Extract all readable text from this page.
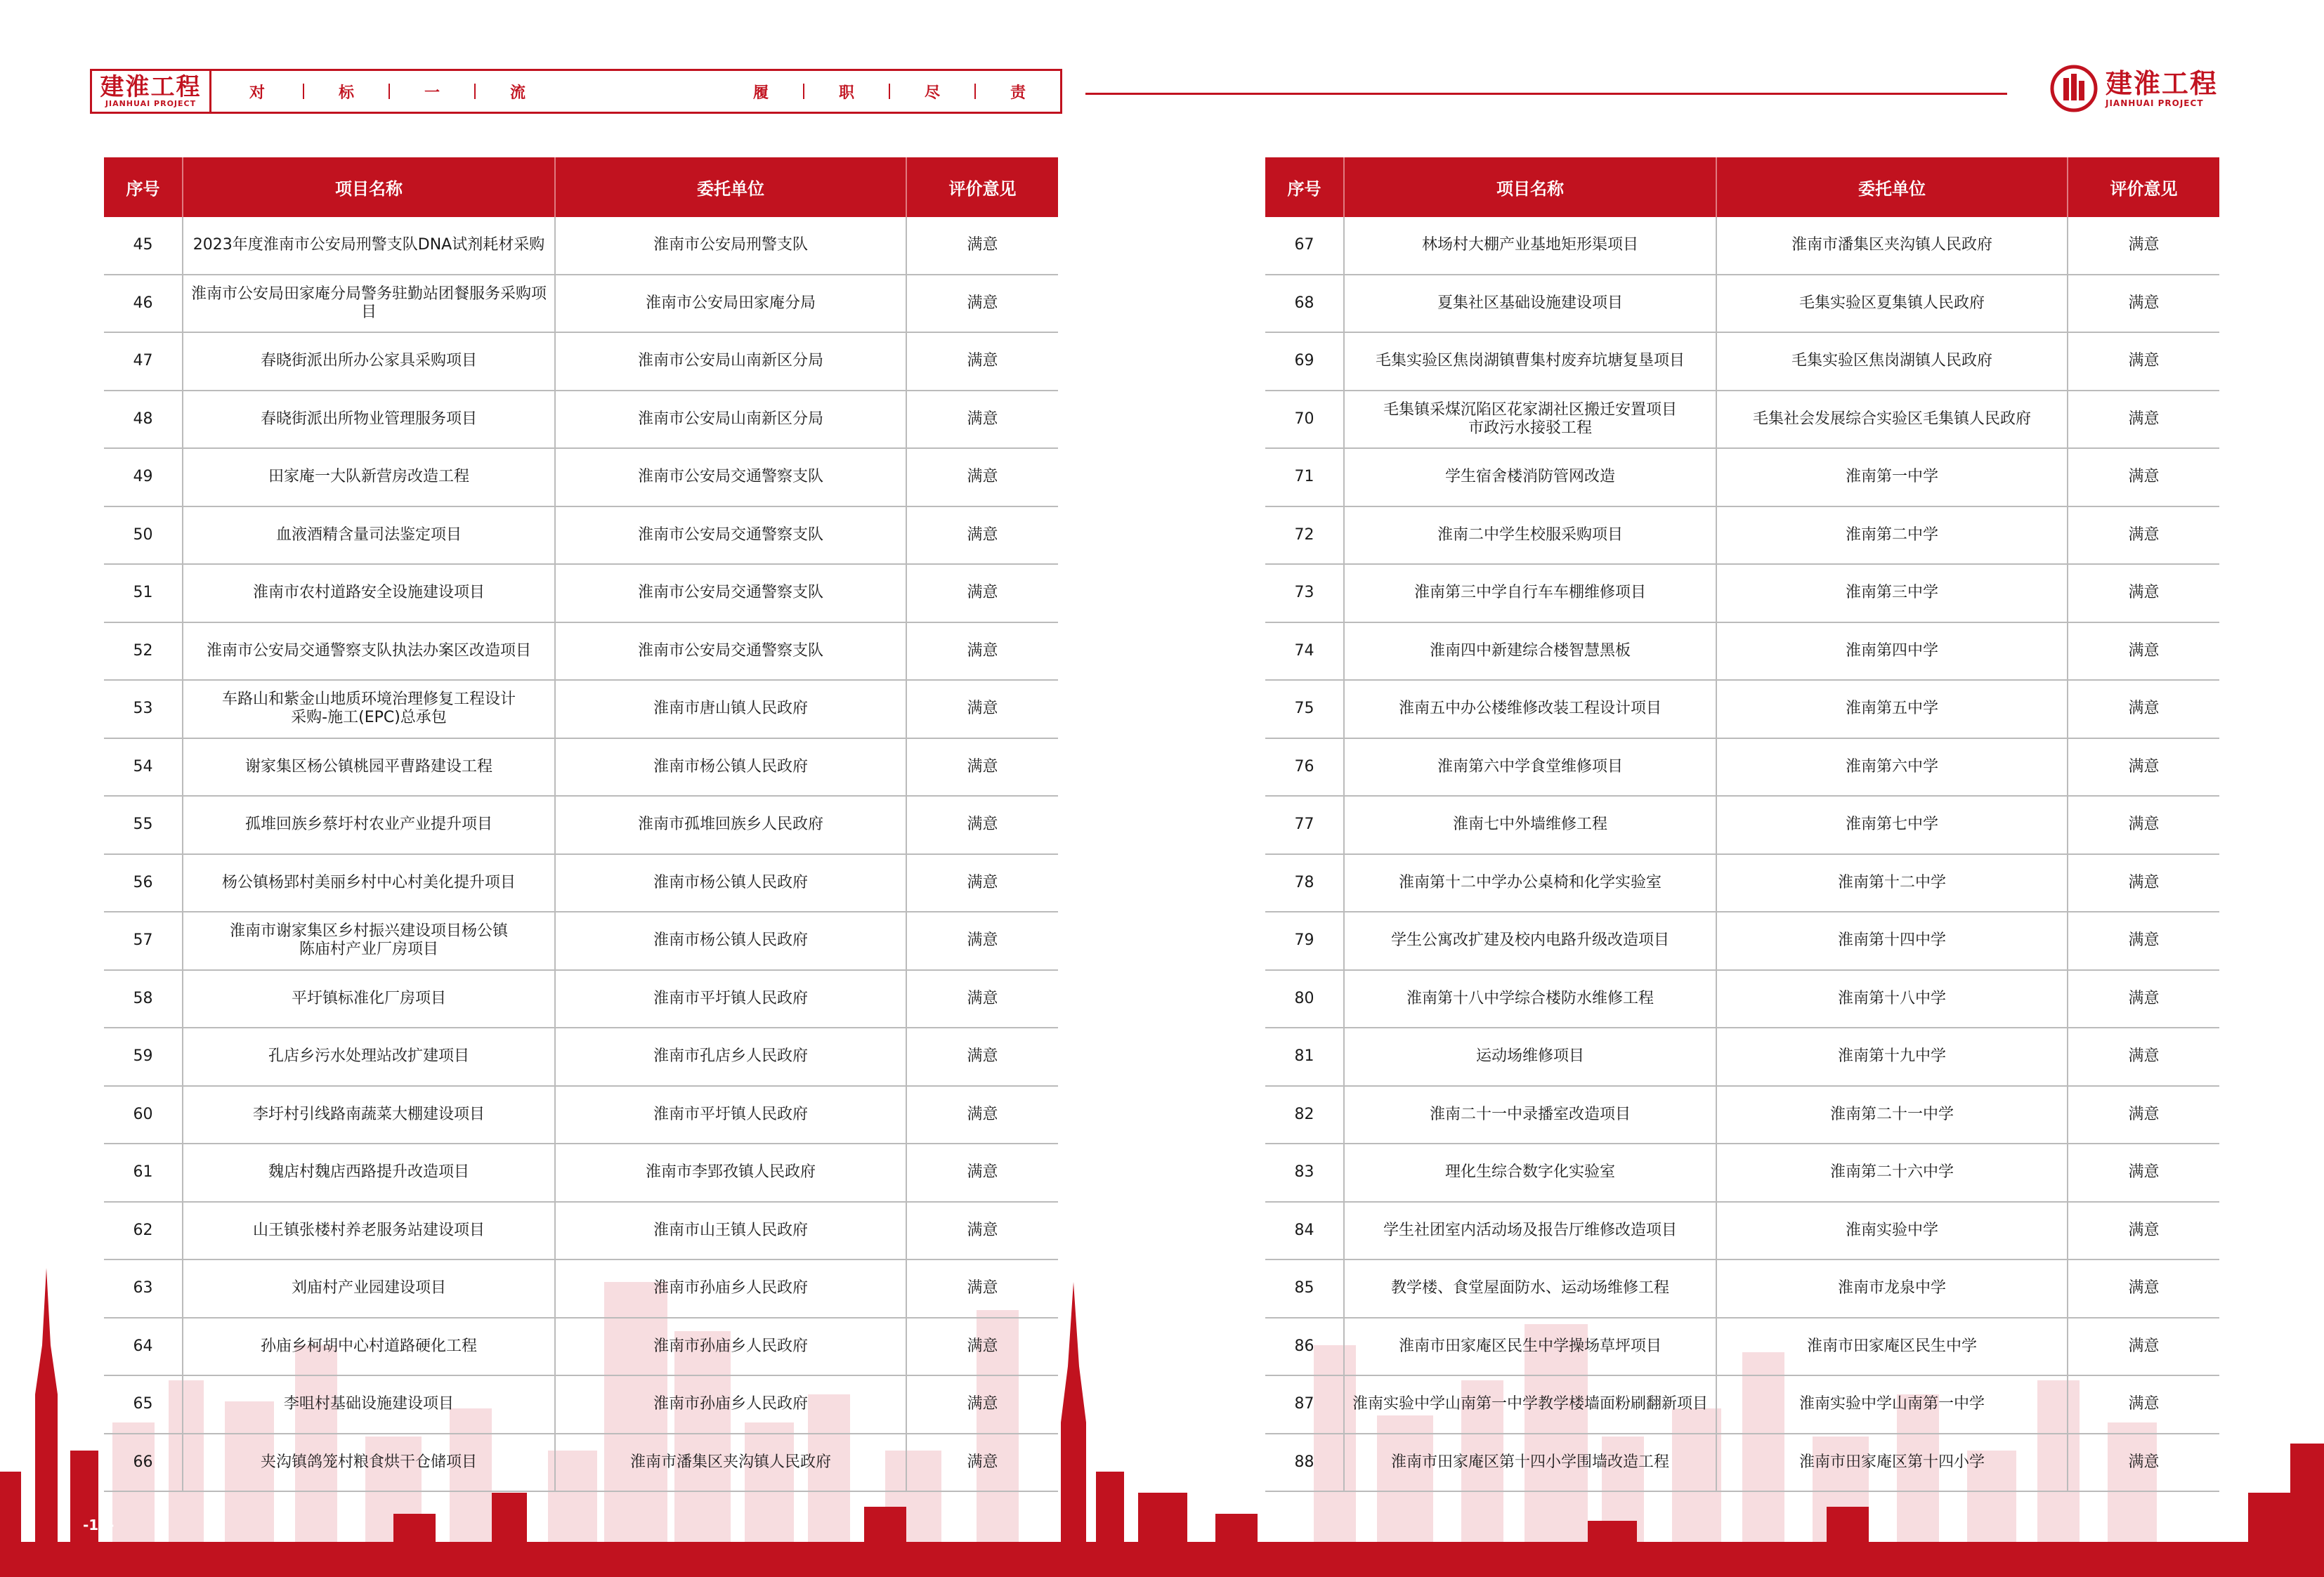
建淮工程
JIANHUAI PROJECT
对	标	一	流	履	职	尽	责	建淮工程
JIANHUAI PROJECT
序号	项目名称	委托单位	评价意见
45	2023年度淮南市公安局刑警支队DNA试剂耗材采购	淮南市公安局刑警支队	满意
46	淮南市公安局田家庵分局警务驻勤站团餐服务采购项目	淮南市公安局田家庵分局	满意
47	春晓街派出所办公家具采购项目	淮南市公安局山南新区分局	满意
48	春晓街派出所物业管理服务项目	淮南市公安局山南新区分局	满意
49	田家庵一大队新营房改造工程	淮南市公安局交通警察支队	满意
50	血液酒精含量司法鉴定项目	淮南市公安局交通警察支队	满意
51	淮南市农村道路安全设施建设项目	淮南市公安局交通警察支队	满意
52	淮南市公安局交通警察支队执法办案区改造项目	淮南市公安局交通警察支队	满意
53	车路山和紫金山地质环境治理修复工程设计
采购-施工(EPC)总承包	淮南市唐山镇人民政府	满意
54	谢家集区杨公镇桃园平曹路建设工程	淮南市杨公镇人民政府	满意
55	孤堆回族乡蔡圩村农业产业提升项目	淮南市孤堆回族乡人民政府	满意
56	杨公镇杨郢村美丽乡村中心村美化提升项目	淮南市杨公镇人民政府	满意
57	淮南市谢家集区乡村振兴建设项目杨公镇
陈庙村产业厂房项目	淮南市杨公镇人民政府	满意
58	平圩镇标准化厂房项目	淮南市平圩镇人民政府	满意
59	孔店乡污水处理站改扩建项目	淮南市孔店乡人民政府	满意
60	李圩村引线路南蔬菜大棚建设项目	淮南市平圩镇人民政府	满意
61	魏店村魏店西路提升改造项目	淮南市李郢孜镇人民政府	满意
62	山王镇张楼村养老服务站建设项目	淮南市山王镇人民政府	满意
63	刘庙村产业园建设项目	淮南市孙庙乡人民政府	满意
64	孙庙乡柯胡中心村道路硬化工程	淮南市孙庙乡人民政府	满意
65	李咀村基础设施建设项目	淮南市孙庙乡人民政府	满意
66	夹沟镇鸽笼村粮食烘干仓储项目	淮南市潘集区夹沟镇人民政府	满意
序号	项目名称	委托单位	评价意见
67	林场村大棚产业基地矩形渠项目	淮南市潘集区夹沟镇人民政府	满意
68	夏集社区基础设施建设项目	毛集实验区夏集镇人民政府	满意
69	毛集实验区焦岗湖镇曹集村废弃坑塘复垦项目	毛集实验区焦岗湖镇人民政府	满意
70	毛集镇采煤沉陷区花家湖社区搬迁安置项目
市政污水接驳工程	毛集社会发展综合实验区毛集镇人民政府	满意
71	学生宿舍楼消防管网改造	淮南第一中学	满意
72	淮南二中学生校服采购项目	淮南第二中学	满意
73	淮南第三中学自行车车棚维修项目	淮南第三中学	满意
74	淮南四中新建综合楼智慧黑板	淮南第四中学	满意
75	淮南五中办公楼维修改装工程设计项目	淮南第五中学	满意
76	淮南第六中学食堂维修项目	淮南第六中学	满意
77	淮南七中外墙维修工程	淮南第七中学	满意
78	淮南第十二中学办公桌椅和化学实验室	淮南第十二中学	满意
79	学生公寓改扩建及校内电路升级改造项目	淮南第十四中学	满意
80	淮南第十八中学综合楼防水维修工程	淮南第十八中学	满意
81	运动场维修项目	淮南第十九中学	满意
82	淮南二十一中录播室改造项目	淮南第二十一中学	满意
83	理化生综合数字化实验室	淮南第二十六中学	满意
84	学生社团室内活动场及报告厅维修改造项目	淮南实验中学	满意
85	教学楼、食堂屋面防水、运动场维修工程	淮南市龙泉中学	满意
86	淮南市田家庵区民生中学操场草坪项目	淮南市田家庵区民生中学	满意
87	淮南实验中学山南第一中学教学楼墙面粉刷翻新项目	淮南实验中学山南第一中学	满意
88	淮南市田家庵区第十四小学围墙改造工程	淮南市田家庵区第十四小学	满意
-11-	-12-
